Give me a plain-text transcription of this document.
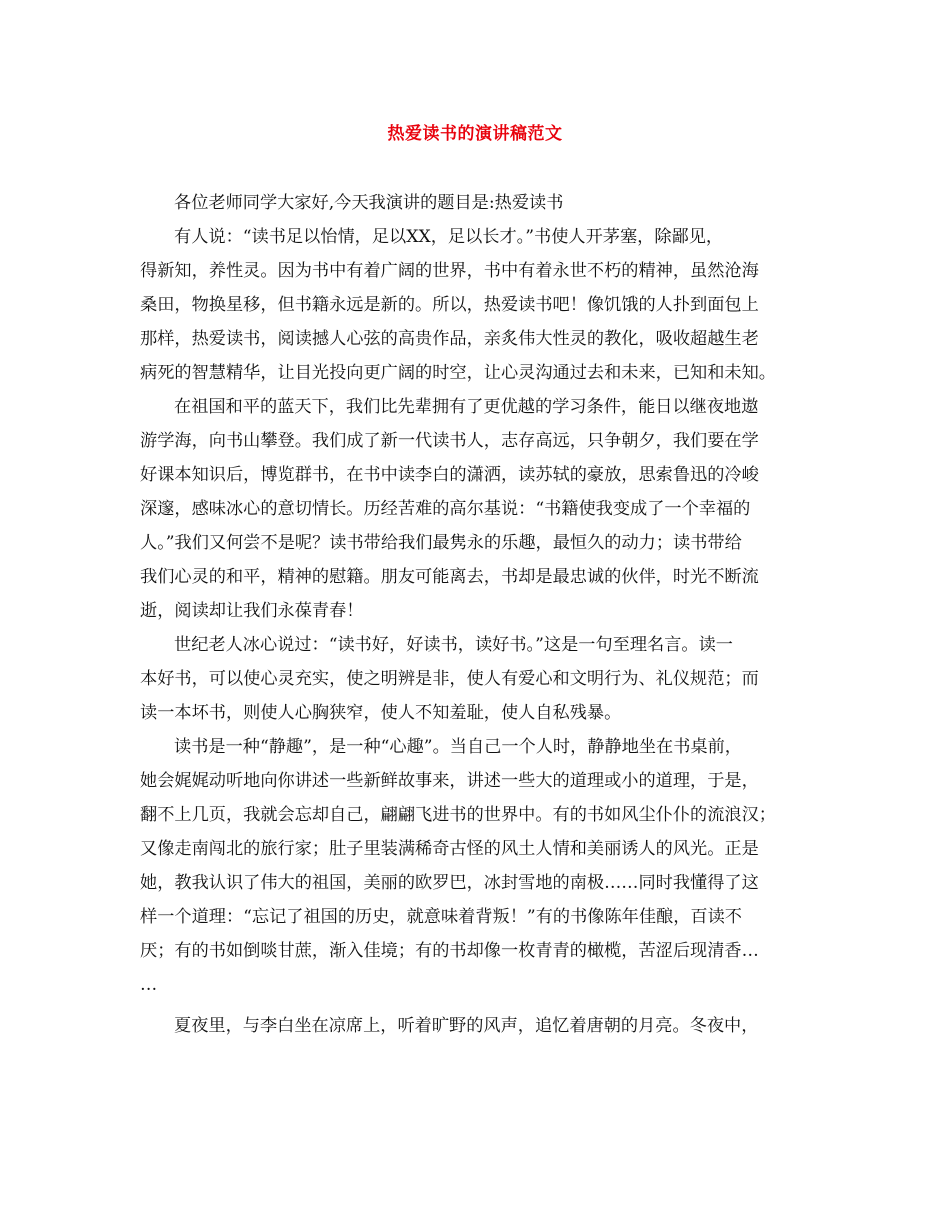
热爱读书的演讲稿范文
各位老师同学大家好,今天我演讲的题目是:热爱读书
有人说：“读书足以怡情，足以XX，足以长才。”书使人开茅塞，除鄙见，
得新知，养性灵。因为书中有着广阔的世界，书中有着永世不朽的精神，虽然沧海
桑田，物换星移，但书籍永远是新的。所以，热爱读书吧！像饥饿的人扑到面包上
那样，热爱读书，阅读撼人心弦的高贵作品，亲炙伟大性灵的教化，吸收超越生老
病死的智慧精华，让目光投向更广阔的时空，让心灵沟通过去和未来，已知和未知。
在祖国和平的蓝天下，我们比先辈拥有了更优越的学习条件，能日以继夜地遨
游学海，向书山攀登。我们成了新一代读书人，志存高远，只争朝夕，我们要在学
好课本知识后，博览群书，在书中读李白的潇洒，读苏轼的豪放，思索鲁迅的冷峻
深邃，感味冰心的意切情长。历经苦难的高尔基说：“书籍使我变成了一个幸福的
人。”我们又何尝不是呢？读书带给我们最隽永的乐趣，最恒久的动力；读书带给
我们心灵的和平，精神的慰籍。朋友可能离去，书却是最忠诚的伙伴，时光不断流
逝，阅读却让我们永葆青春！
世纪老人冰心说过：“读书好，好读书，读好书。”这是一句至理名言。读一
本好书，可以使心灵充实，使之明辨是非，使人有爱心和文明行为、礼仪规范；而
读一本坏书，则使人心胸狭窄，使人不知羞耻，使人自私残暴。
读书是一种“静趣”，是一种“心趣”。当自己一个人时，静静地坐在书桌前，
她会娓娓动听地向你讲述一些新鲜故事来，讲述一些大的道理或小的道理，于是，
翻不上几页，我就会忘却自己，翩翩飞进书的世界中。有的书如风尘仆仆的流浪汉；
又像走南闯北的旅行家；肚子里装满稀奇古怪的风土人情和美丽诱人的风光。正是
她，教我认识了伟大的祖国，美丽的欧罗巴，冰封雪地的南极……同时我懂得了这
样一个道理：“忘记了祖国的历史，就意味着背叛！”有的书像陈年佳酿，百读不
厌；有的书如倒啖甘蔗，渐入佳境；有的书却像一枚青青的橄榄，苦涩后现清香…
…
夏夜里，与李白坐在凉席上，听着旷野的风声，追忆着唐朝的月亮。冬夜中，
